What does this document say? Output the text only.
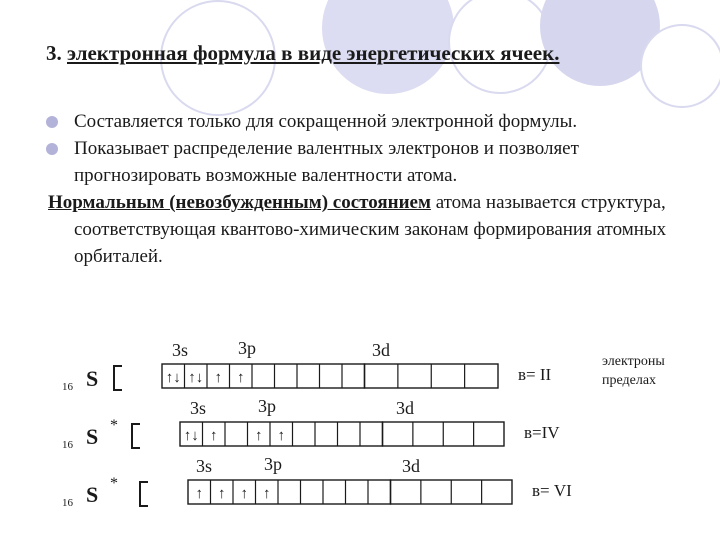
3. электронная формула в виде энергетических ячеек.
Составляется только для сокращенной электронной формулы.
Показывает распределение валентных электронов и позволяет прогнозировать возможные валентности атома.
Нормальным (невозбужденным) состоянием атома называется структура, соответствующая квантово-химическим законам формирования атомных орбиталей.
электроны пределах
16 S
3s	3p	3d
↑↓ ↑↓ ↑ ↑	в= II
16 S *
3s	3p	3d
↑↓ ↑	↑ ↑	в=IV
16 S *
3s	3p	3d
↑ ↑ ↑ ↑	в= VI
